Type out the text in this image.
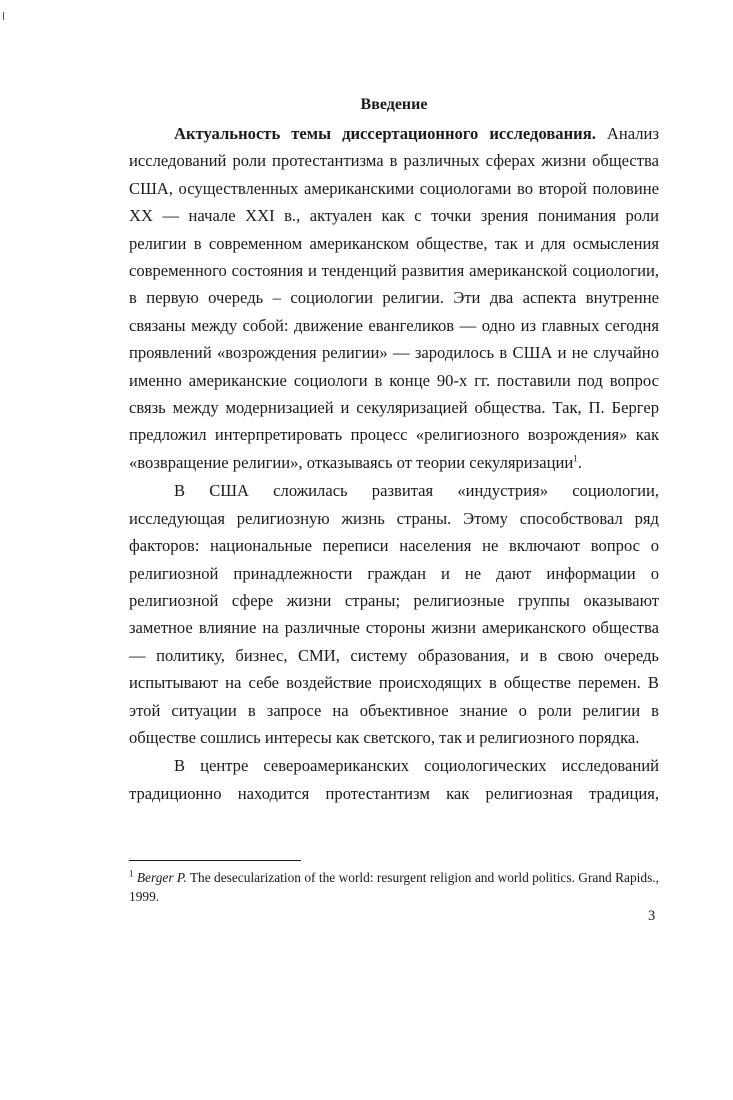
Введение

Актуальность темы диссертационного исследования. Анализ исследований роли протестантизма в различных сферах жизни общества США, осуществленных американскими социологами во второй половине XX — начале XXI в., актуален как с точки зрения понимания роли религии в современном американском обществе, так и для осмысления современного состояния и тенденций развития американской социологии, в первую очередь – социологии религии. Эти два аспекта внутренне связаны между собой: движение евангеликов — одно из главных сегодня проявлений «возрождения религии» — зародилось в США и не случайно именно американские социологи в конце 90-х гг. поставили под вопрос связь между модернизацией и секуляризацией общества. Так, П. Бергер предложил интерпретировать процесс «религиозного возрождения» как «возвращение религии», отказываясь от теории секуляризации$^1$.

В США сложилась развитая «индустрия» социологии, исследующая религиозную жизнь страны. Этому способствовал ряд факторов: национальные переписи населения не включают вопрос о религиозной принадлежности граждан и не дают информации о религиозной сфере жизни страны; религиозные группы оказывают заметное влияние на различные стороны жизни американского общества — политику, бизнес, СМИ, систему образования, и в свою очередь испытывают на себе воздействие происходящих в обществе перемен. В этой ситуации в запросе на объективное знание о роли религии в обществе сошлись интересы как светского, так и религиозного порядка.

В центре североамериканских социологических исследований традиционно находится протестантизм как религиозная традиция,

$^1$ Berger P. The desecularization of the world: resurgent religion and world politics. Grand Rapids., 1999.
3
